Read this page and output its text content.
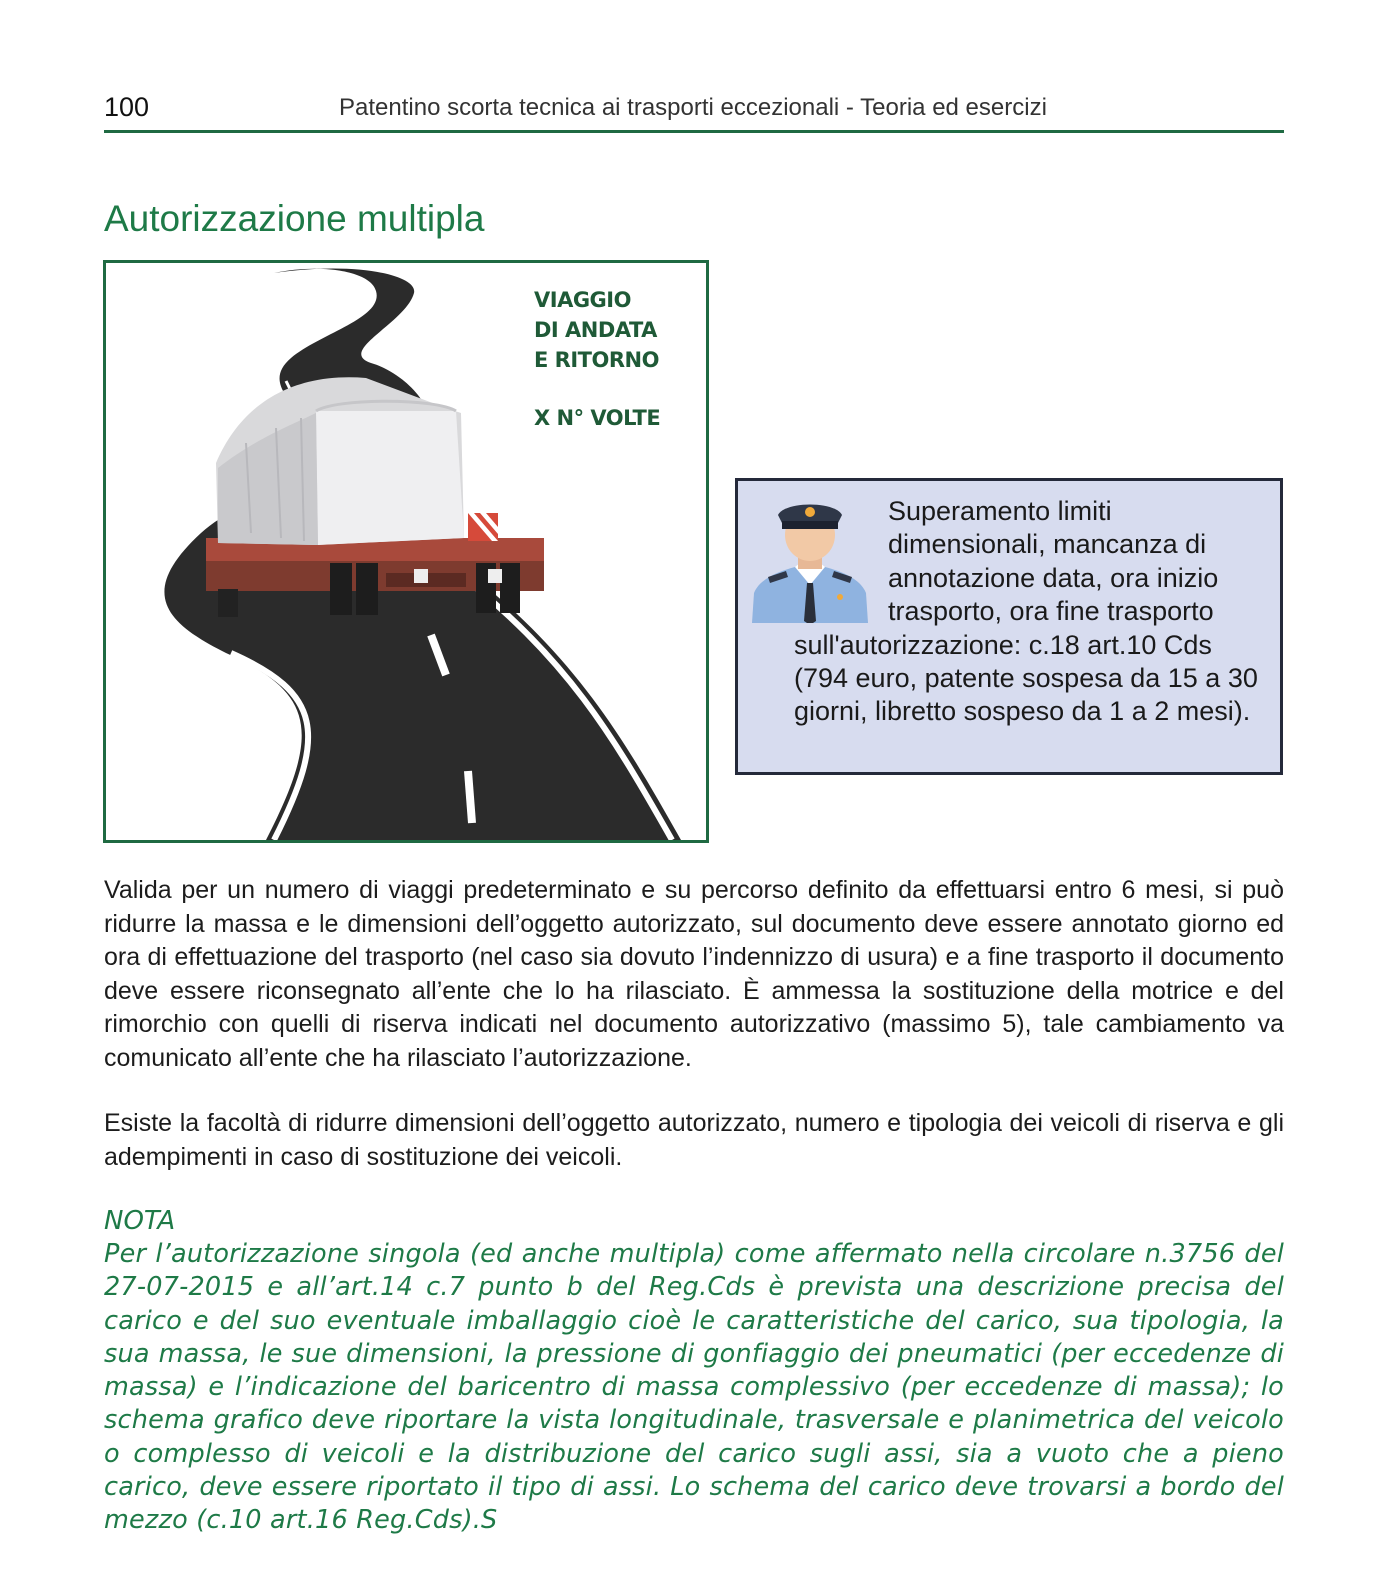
100	Patentino scorta tecnica ai trasporti eccezionali - Teoria ed esercizi
Autorizzazione multipla
VIAGGIO
DI ANDATA
E RITORNO
X N° VOLTE
Superamento limiti dimensionali, mancanza di annotazione data, ora inizio trasporto, ora fine trasporto sull'autorizzazione: c.18 art.10 Cds (794 euro, patente sospesa da 15 a 30 giorni, libretto sospeso da 1 a 2 mesi).

Valida per un numero di viaggi predeterminato e su percorso definito da effettuarsi entro 6 mesi, si può ridurre la massa e le dimensioni dell’oggetto autorizzato, sul documento deve essere annotato giorno ed ora di effettuazione del trasporto (nel caso sia dovuto l’indennizzo di usura) e a fine trasporto il documento deve essere riconsegnato all’ente che lo ha rilasciato. È ammessa la sostituzione della motrice e del rimorchio con quelli di riserva indicati nel documento autorizzativo (massimo 5), tale cambiamento va comunicato all’ente che ha rilasciato l’autorizzazione.

Esiste la facoltà di ridurre dimensioni dell’oggetto autorizzato, numero e tipologia dei veicoli di riserva e gli adempimenti in caso di sostituzione dei veicoli.

NOTA

Per l’autorizzazione singola (ed anche multipla) come affermato nella circolare n.3756 del 27-07-2015 e all’art.14 c.7 punto b del Reg.Cds è prevista una descrizione precisa del carico e del suo eventuale imballaggio cioè le caratteristiche del carico, sua tipologia, la sua massa, le sue dimensioni, la pressione di gonfiaggio dei pneumatici (per eccedenze di massa) e l’indicazione del baricentro di massa complessivo (per eccedenze di massa); lo schema grafico deve riportare la vista longitudinale, trasversale e planimetrica del veicolo o complesso di veicoli e la distribuzione del carico sugli assi, sia a vuoto che a pieno carico, deve essere riportato il tipo di assi. Lo schema del carico deve trovarsi a bordo del mezzo (c.10 art.16 Reg.Cds).S
